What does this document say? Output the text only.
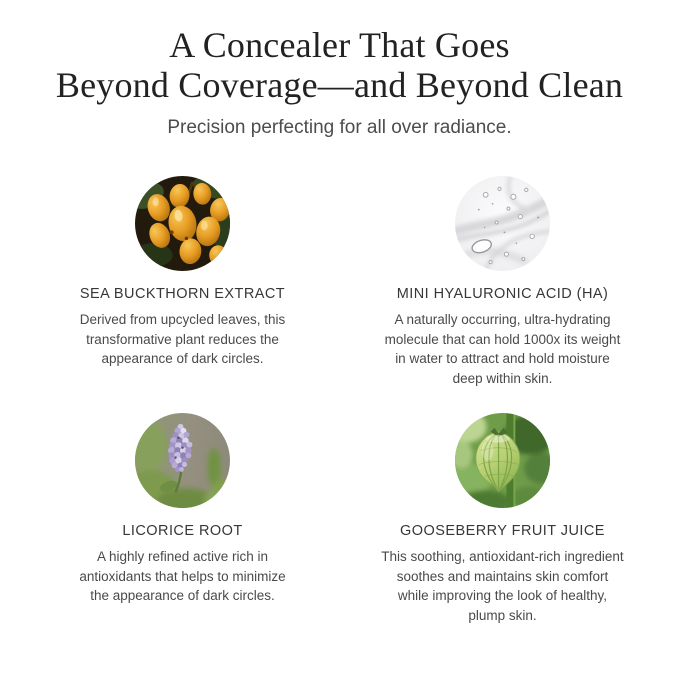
A Concealer That Goes
Beyond Coverage—and Beyond Clean

Precision perfecting for all over radiance.

SEA BUCKTHORN EXTRACT

Derived from upcycled leaves, this
transformative plant reduces the
appearance of dark circles.

MINI HYALURONIC ACID (HA)

A naturally occurring, ultra-hydrating
molecule that can hold 1000x its weight
in water to attract and hold moisture
deep within skin.

LICORICE ROOT

A highly refined active rich in
antioxidants that helps to minimize
the appearance of dark circles.

GOOSEBERRY FRUIT JUICE

This soothing, antioxidant-rich ingredient
soothes and maintains skin comfort
while improving the look of healthy,
plump skin.
